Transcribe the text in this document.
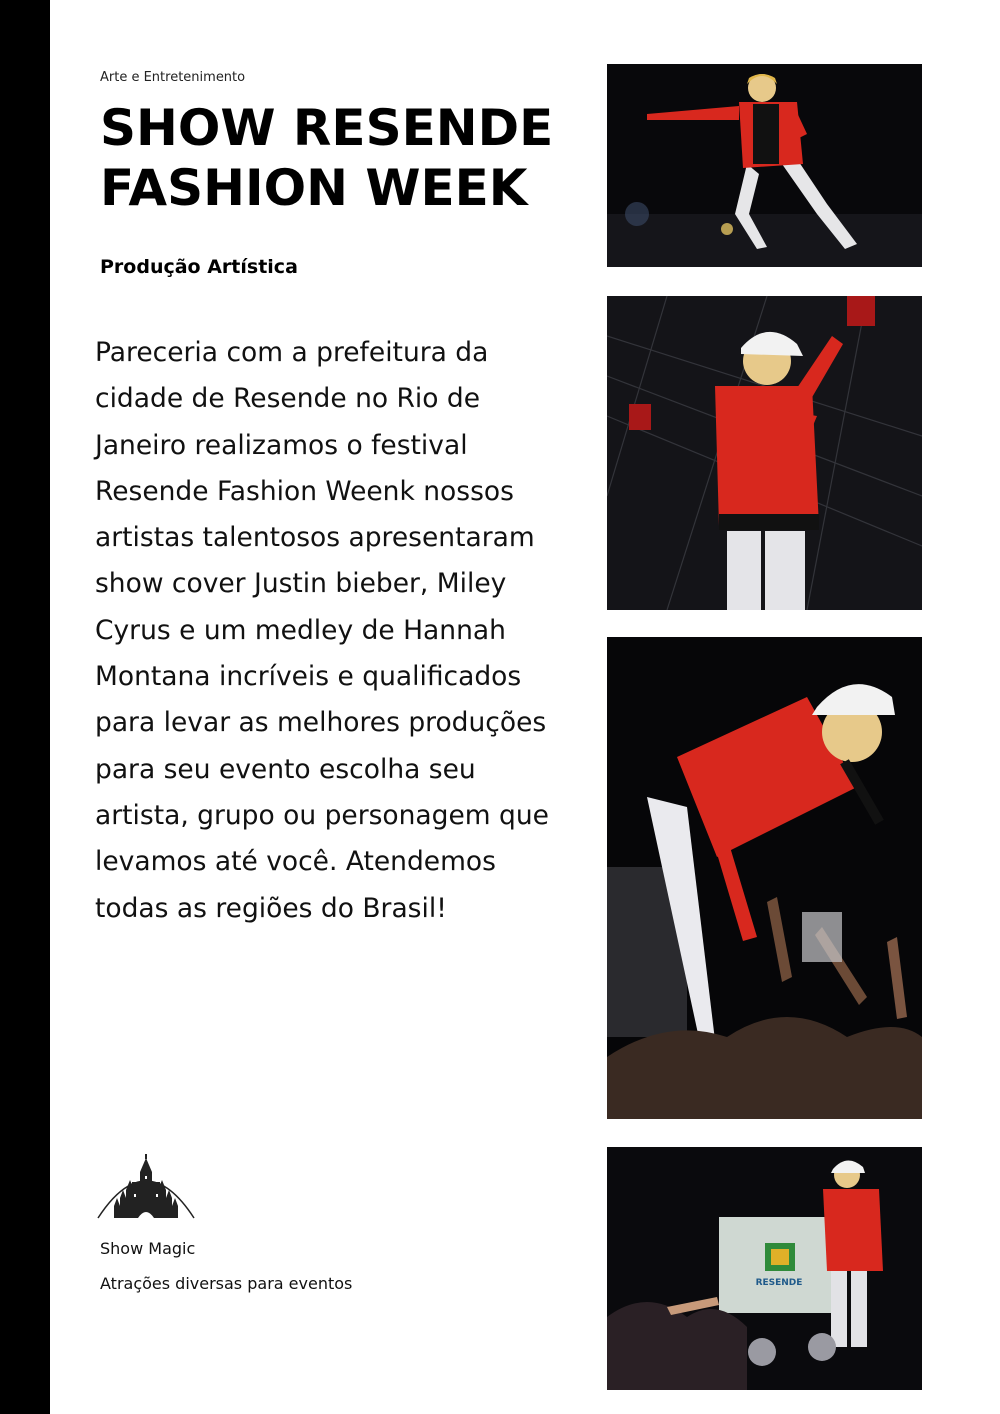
Arte e Entretenimento
SHOW RESENDE FASHION WEEK
Produção Artística
Pareceria com a prefeitura da cidade de Resende no Rio de Janeiro realizamos o festival Resende Fashion Weenk nossos artistas talentosos apresentaram show cover Justin bieber, Miley Cyrus e um medley de Hannah Montana incríveis e qualificados para levar as melhores produções para seu evento escolha seu artista, grupo ou personagem que levamos até você. Atendemos todas as regiões do Brasil!
Show Magic
Atrações diversas para eventos	RESENDE
